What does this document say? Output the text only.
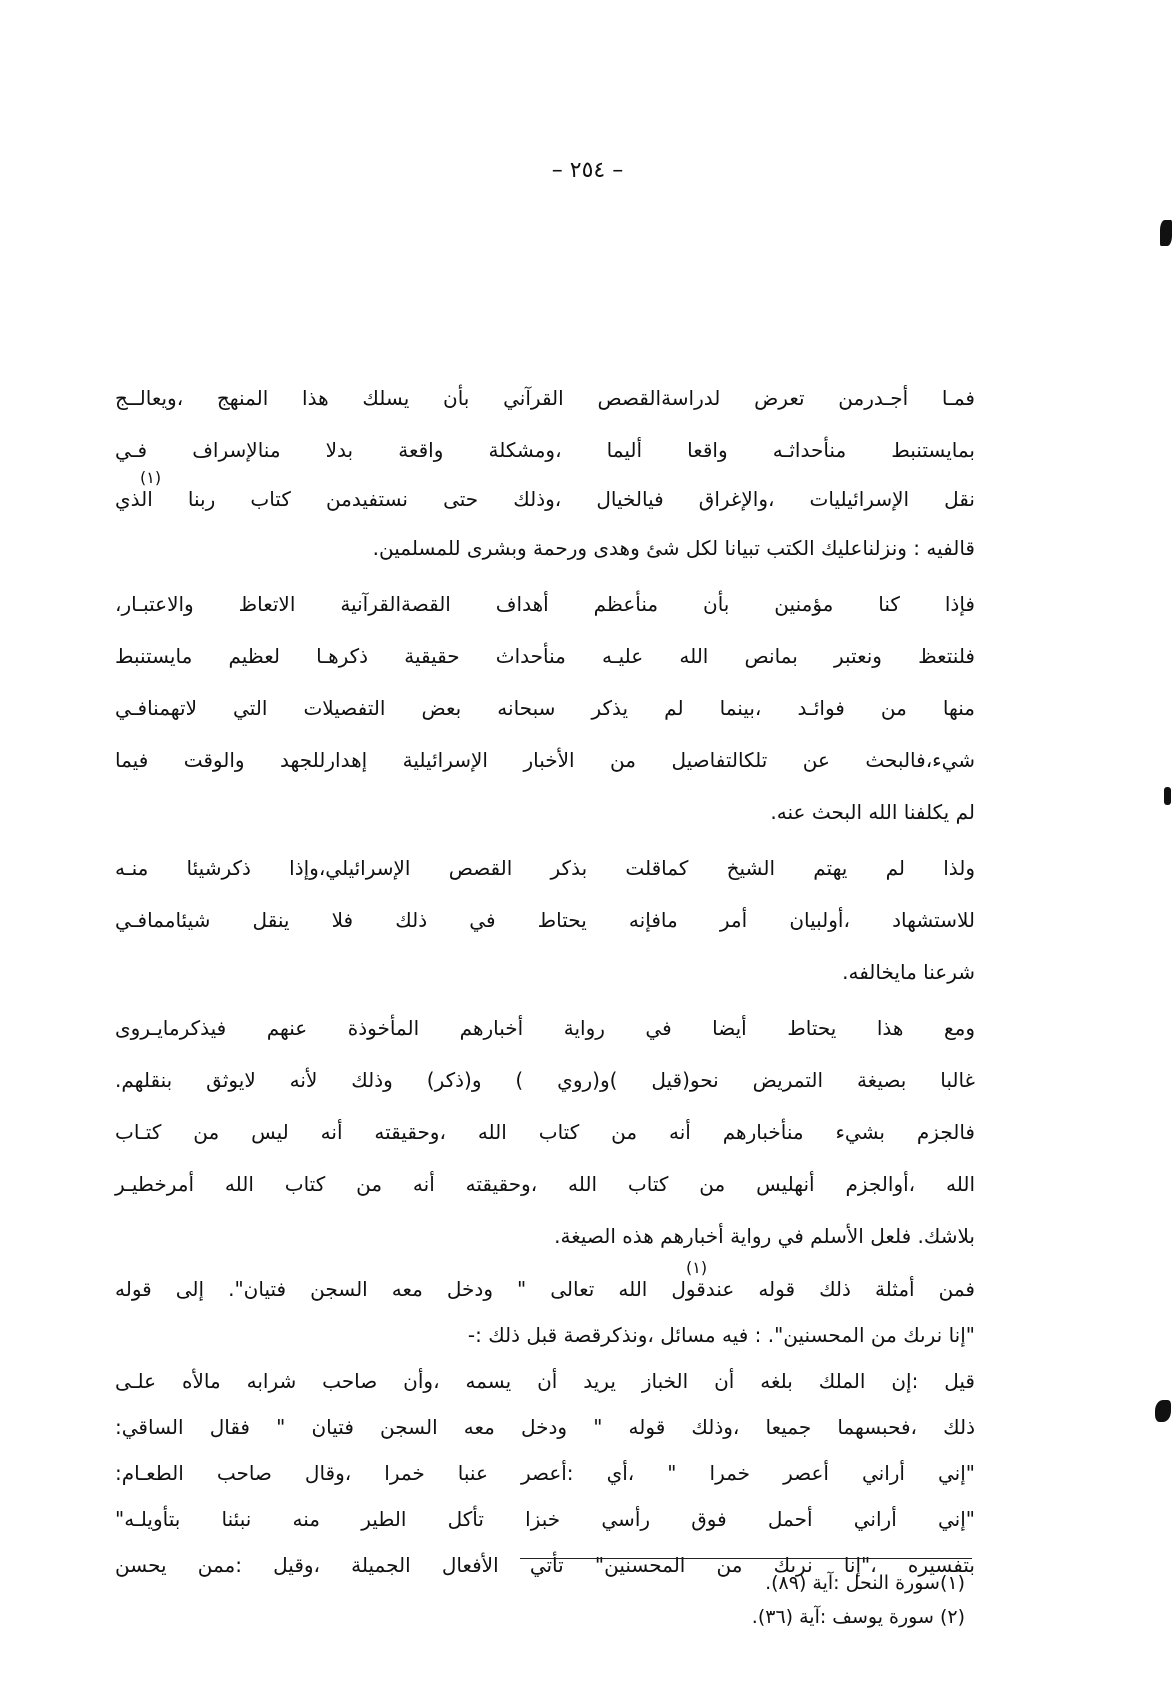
– ٢٥٤ –
فمـا أجـدرمن تعرض لدراسةالقصص القرآني بأن يسلك هذا المنهج ،ويعالــج
بمايستنبط منأحداثـه واقعا أليما ،ومشكلة واقعة بدلا منالإسراف فـي
نقل الإسرائيليات ،والإغراق فيالخيال ،وذلك حتى نستفيدمن كتاب ربنا الذي
قالفيه : ونزلناعليك الكتب تبيانا لكل شئ وهدى ورحمة وبشرى للمسلمين.
فإذا كنا مؤمنين بأن منأعظم أهداف القصةالقرآنية الاتعاظ والاعتبـار،
فلنتعظ ونعتبر بمانص الله عليـه منأحداث حقيقية ذكرهـا لعظيم مايستنبط
منها من فوائـد ،بينما لم يذكر سبحانه بعض التفصيلات التي لاتهمنافـي
شيء،فالبحث عن تلكالتفاصيل من الأخبار الإسرائيلية إهدارللجهد والوقت فيما
لم يكلفنا الله البحث عنه.
ولذا لم يهتم الشيخ كماقلت بذكر القصص الإسرائيلي،وإذا ذكرشيئا منـه
للاستشهاد ،أولبيان أمر مافإنه يحتاط في ذلك فلا ينقل شيئاممافـي
شرعنا مايخالفه.
ومع هذا يحتاط أيضا في رواية أخبارهم المأخوذة عنهم فيذكرمايـروى
غالبا بصيغة التمريض نحو(قيل )و(روي ) و(ذكر) وذلك لأنه لايوثق بنقلهم.
فالجزم بشيء منأخبارهم أنه من كتاب الله ،وحقيقته أنه ليس من كتـاب
الله ،أوالجزم أنهليس من كتاب الله ،وحقيقته أنه من كتاب الله أمرخطيـر
بلاشك. فلعل الأسلم في رواية أخبارهم هذه الصيغة.
فمن أمثلة ذلك قوله عندقول الله تعالى " ودخل معه السجن فتيان". إلى قوله
"إنا نرىك من المحسنين". : فيه مسائل ،ونذكرقصة قبل ذلك :-
قيل :إن الملك بلغه أن الخباز يريد أن يسمه ،وأن صاحب شرابه مالأه علـى
ذلك ،فحبسهما جميعا ،وذلك قوله " ودخل معه السجن فتيان " فقال الساقي:
"إني أراني أعصر خمرا " ،أي :أعصر عنبا خمرا ،وقال صاحب الطعـام:
"إني أراني أحمل فوق رأسي خبزا تأكل الطير منه نبئنا بتأويلـه"
بتفسيره ،"إنا نرىك من المحسنين" تأتي الأفعال الجميلة ،وقيل :ممن يحسن
(١)
(١)
(١)سورة النحل :آية (٨٩).
(٢) سورة يوسف :آية (٣٦).
